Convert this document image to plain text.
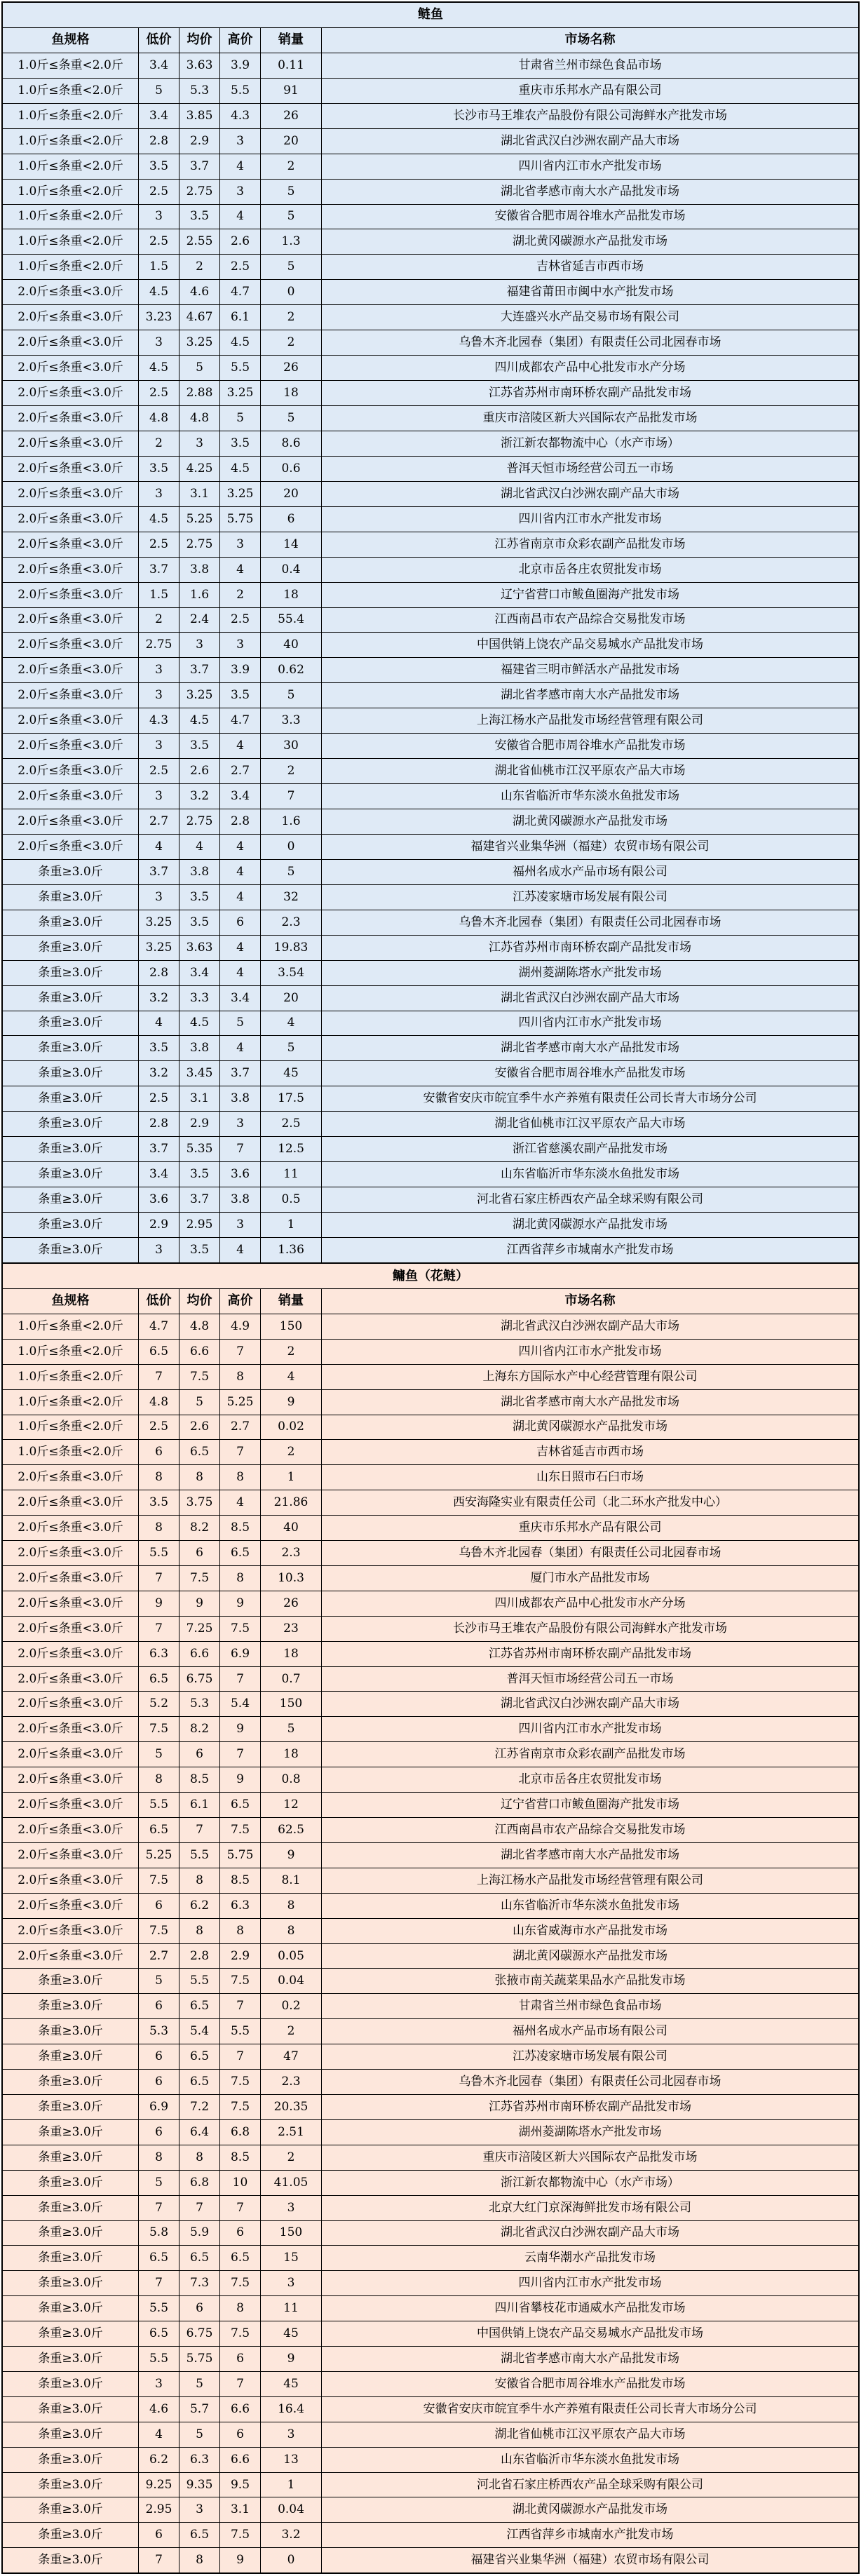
鲢鱼
鱼规格	低价	均价	高价	销量	市场名称
1.0斤≤条重<2.0斤	3.4	3.63	3.9	0.11	甘肃省兰州市绿色食品市场
1.0斤≤条重<2.0斤	5	5.3	5.5	91	重庆市乐邦水产品有限公司
1.0斤≤条重<2.0斤	3.4	3.85	4.3	26	长沙市马王堆农产品股份有限公司海鲜水产批发市场
1.0斤≤条重<2.0斤	2.8	2.9	3	20	湖北省武汉白沙洲农副产品大市场
1.0斤≤条重<2.0斤	3.5	3.7	4	2	四川省内江市水产批发市场
1.0斤≤条重<2.0斤	2.5	2.75	3	5	湖北省孝感市南大水产品批发市场
1.0斤≤条重<2.0斤	3	3.5	4	5	安徽省合肥市周谷堆水产品批发市场
1.0斤≤条重<2.0斤	2.5	2.55	2.6	1.3	湖北黄冈碳源水产品批发市场
1.0斤≤条重<2.0斤	1.5	2	2.5	5	吉林省延吉市西市场
2.0斤≤条重<3.0斤	4.5	4.6	4.7	0	福建省莆田市闽中水产批发市场
2.0斤≤条重<3.0斤	3.23	4.67	6.1	2	大连盛兴水产品交易市场有限公司
2.0斤≤条重<3.0斤	3	3.25	4.5	2	乌鲁木齐北园春（集团）有限责任公司北园春市场
2.0斤≤条重<3.0斤	4.5	5	5.5	26	四川成都农产品中心批发市水产分场
2.0斤≤条重<3.0斤	2.5	2.88	3.25	18	江苏省苏州市南环桥农副产品批发市场
2.0斤≤条重<3.0斤	4.8	4.8	5	5	重庆市涪陵区新大兴国际农产品批发市场
2.0斤≤条重<3.0斤	2	3	3.5	8.6	浙江新农都物流中心（水产市场）
2.0斤≤条重<3.0斤	3.5	4.25	4.5	0.6	普洱天恒市场经营公司五一市场
2.0斤≤条重<3.0斤	3	3.1	3.25	20	湖北省武汉白沙洲农副产品大市场
2.0斤≤条重<3.0斤	4.5	5.25	5.75	6	四川省内江市水产批发市场
2.0斤≤条重<3.0斤	2.5	2.75	3	14	江苏省南京市众彩农副产品批发市场
2.0斤≤条重<3.0斤	3.7	3.8	4	0.4	北京市岳各庄农贸批发市场
2.0斤≤条重<3.0斤	1.5	1.6	2	18	辽宁省营口市鲅鱼圈海产批发市场
2.0斤≤条重<3.0斤	2	2.4	2.5	55.4	江西南昌市农产品综合交易批发市场
2.0斤≤条重<3.0斤	2.75	3	3	40	中国供销上饶农产品交易城水产品批发市场
2.0斤≤条重<3.0斤	3	3.7	3.9	0.62	福建省三明市鲜活水产品批发市场
2.0斤≤条重<3.0斤	3	3.25	3.5	5	湖北省孝感市南大水产品批发市场
2.0斤≤条重<3.0斤	4.3	4.5	4.7	3.3	上海江杨水产品批发市场经营管理有限公司
2.0斤≤条重<3.0斤	3	3.5	4	30	安徽省合肥市周谷堆水产品批发市场
2.0斤≤条重<3.0斤	2.5	2.6	2.7	2	湖北省仙桃市江汉平原农产品大市场
2.0斤≤条重<3.0斤	3	3.2	3.4	7	山东省临沂市华东淡水鱼批发市场
2.0斤≤条重<3.0斤	2.7	2.75	2.8	1.6	湖北黄冈碳源水产品批发市场
2.0斤≤条重<3.0斤	4	4	4	0	福建省兴业集华洲（福建）农贸市场有限公司
条重≥3.0斤	3.7	3.8	4	5	福州名成水产品市场有限公司
条重≥3.0斤	3	3.5	4	32	江苏凌家塘市场发展有限公司
条重≥3.0斤	3.25	3.5	6	2.3	乌鲁木齐北园春（集团）有限责任公司北园春市场
条重≥3.0斤	3.25	3.63	4	19.83	江苏省苏州市南环桥农副产品批发市场
条重≥3.0斤	2.8	3.4	4	3.54	湖州菱湖陈塔水产批发市场
条重≥3.0斤	3.2	3.3	3.4	20	湖北省武汉白沙洲农副产品大市场
条重≥3.0斤	4	4.5	5	4	四川省内江市水产批发市场
条重≥3.0斤	3.5	3.8	4	5	湖北省孝感市南大水产品批发市场
条重≥3.0斤	3.2	3.45	3.7	45	安徽省合肥市周谷堆水产品批发市场
条重≥3.0斤	2.5	3.1	3.8	17.5	安徽省安庆市皖宜季牛水产养殖有限责任公司长青大市场分公司
条重≥3.0斤	2.8	2.9	3	2.5	湖北省仙桃市江汉平原农产品大市场
条重≥3.0斤	3.7	5.35	7	12.5	浙江省慈溪农副产品批发市场
条重≥3.0斤	3.4	3.5	3.6	11	山东省临沂市华东淡水鱼批发市场
条重≥3.0斤	3.6	3.7	3.8	0.5	河北省石家庄桥西农产品全球采购有限公司
条重≥3.0斤	2.9	2.95	3	1	湖北黄冈碳源水产品批发市场
条重≥3.0斤	3	3.5	4	1.36	江西省萍乡市城南水产批发市场
鳙鱼（花鲢）
鱼规格	低价	均价	高价	销量	市场名称
1.0斤≤条重<2.0斤	4.7	4.8	4.9	150	湖北省武汉白沙洲农副产品大市场
1.0斤≤条重<2.0斤	6.5	6.6	7	2	四川省内江市水产批发市场
1.0斤≤条重<2.0斤	7	7.5	8	4	上海东方国际水产中心经营管理有限公司
1.0斤≤条重<2.0斤	4.8	5	5.25	9	湖北省孝感市南大水产品批发市场
1.0斤≤条重<2.0斤	2.5	2.6	2.7	0.02	湖北黄冈碳源水产品批发市场
1.0斤≤条重<2.0斤	6	6.5	7	2	吉林省延吉市西市场
2.0斤≤条重<3.0斤	8	8	8	1	山东日照市石臼市场
2.0斤≤条重<3.0斤	3.5	3.75	4	21.86	西安海隆实业有限责任公司（北二环水产批发中心）
2.0斤≤条重<3.0斤	8	8.2	8.5	40	重庆市乐邦水产品有限公司
2.0斤≤条重<3.0斤	5.5	6	6.5	2.3	乌鲁木齐北园春（集团）有限责任公司北园春市场
2.0斤≤条重<3.0斤	7	7.5	8	10.3	厦门市水产品批发市场
2.0斤≤条重<3.0斤	9	9	9	26	四川成都农产品中心批发市水产分场
2.0斤≤条重<3.0斤	7	7.25	7.5	23	长沙市马王堆农产品股份有限公司海鲜水产批发市场
2.0斤≤条重<3.0斤	6.3	6.6	6.9	18	江苏省苏州市南环桥农副产品批发市场
2.0斤≤条重<3.0斤	6.5	6.75	7	0.7	普洱天恒市场经营公司五一市场
2.0斤≤条重<3.0斤	5.2	5.3	5.4	150	湖北省武汉白沙洲农副产品大市场
2.0斤≤条重<3.0斤	7.5	8.2	9	5	四川省内江市水产批发市场
2.0斤≤条重<3.0斤	5	6	7	18	江苏省南京市众彩农副产品批发市场
2.0斤≤条重<3.0斤	8	8.5	9	0.8	北京市岳各庄农贸批发市场
2.0斤≤条重<3.0斤	5.5	6.1	6.5	12	辽宁省营口市鲅鱼圈海产批发市场
2.0斤≤条重<3.0斤	6.5	7	7.5	62.5	江西南昌市农产品综合交易批发市场
2.0斤≤条重<3.0斤	5.25	5.5	5.75	9	湖北省孝感市南大水产品批发市场
2.0斤≤条重<3.0斤	7.5	8	8.5	8.1	上海江杨水产品批发市场经营管理有限公司
2.0斤≤条重<3.0斤	6	6.2	6.3	8	山东省临沂市华东淡水鱼批发市场
2.0斤≤条重<3.0斤	7.5	8	8	8	山东省威海市水产品批发市场
2.0斤≤条重<3.0斤	2.7	2.8	2.9	0.05	湖北黄冈碳源水产品批发市场
条重≥3.0斤	5	5.5	7.5	0.04	张掖市南关蔬菜果品水产品批发市场
条重≥3.0斤	6	6.5	7	0.2	甘肃省兰州市绿色食品市场
条重≥3.0斤	5.3	5.4	5.5	2	福州名成水产品市场有限公司
条重≥3.0斤	6	6.5	7	47	江苏凌家塘市场发展有限公司
条重≥3.0斤	6	6.5	7.5	2.3	乌鲁木齐北园春（集团）有限责任公司北园春市场
条重≥3.0斤	6.9	7.2	7.5	20.35	江苏省苏州市南环桥农副产品批发市场
条重≥3.0斤	6	6.4	6.8	2.51	湖州菱湖陈塔水产批发市场
条重≥3.0斤	8	8	8.5	2	重庆市涪陵区新大兴国际农产品批发市场
条重≥3.0斤	5	6.8	10	41.05	浙江新农都物流中心（水产市场）
条重≥3.0斤	7	7	7	3	北京大红门京深海鲜批发市场有限公司
条重≥3.0斤	5.8	5.9	6	150	湖北省武汉白沙洲农副产品大市场
条重≥3.0斤	6.5	6.5	6.5	15	云南华潮水产品批发市场
条重≥3.0斤	7	7.3	7.5	3	四川省内江市水产批发市场
条重≥3.0斤	5.5	6	8	11	四川省攀枝花市通威水产品批发市场
条重≥3.0斤	6.5	6.75	7.5	45	中国供销上饶农产品交易城水产品批发市场
条重≥3.0斤	5.5	5.75	6	9	湖北省孝感市南大水产品批发市场
条重≥3.0斤	3	5	7	45	安徽省合肥市周谷堆水产品批发市场
条重≥3.0斤	4.6	5.7	6.6	16.4	安徽省安庆市皖宜季牛水产养殖有限责任公司长青大市场分公司
条重≥3.0斤	4	5	6	3	湖北省仙桃市江汉平原农产品大市场
条重≥3.0斤	6.2	6.3	6.6	13	山东省临沂市华东淡水鱼批发市场
条重≥3.0斤	9.25	9.35	9.5	1	河北省石家庄桥西农产品全球采购有限公司
条重≥3.0斤	2.95	3	3.1	0.04	湖北黄冈碳源水产品批发市场
条重≥3.0斤	6	6.5	7.5	3.2	江西省萍乡市城南水产批发市场
条重≥3.0斤	7	8	9	0	福建省兴业集华洲（福建）农贸市场有限公司
